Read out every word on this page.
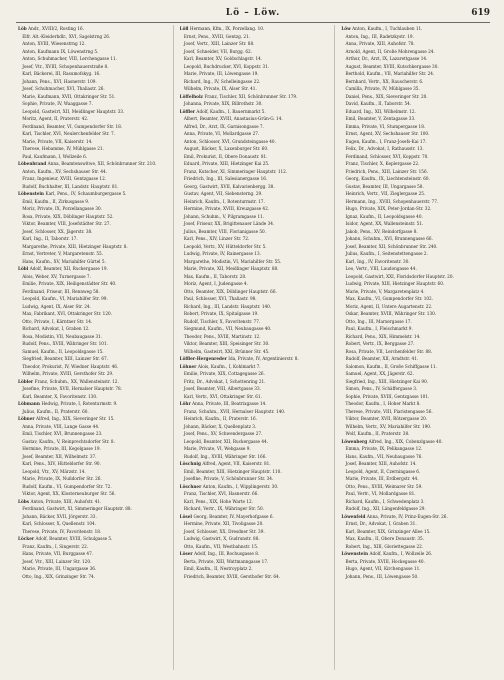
Lö – Löw.	619
Löb Andr., XVIII/2, Rosting 16.
 Elfr. Alt.-Kleiderhdlr., XVI, Sagelstrng 26.
 Anton, XVIII, Wiesenstrng 12.
 Anton, Kaufmann IX, Löwenstrng 5.
 Anton, Schuhmacher, VIII, Lerchengasse 11.
 Josef, Vtr., XVIII, Schopenhauerstraße 8.
 Karl, Bäckerei, III, Rasumofskyg. 16.
 Johann, Pens., XVI, Hasnerstr. 109.
 Josef, Schuhmacher, XVI, Thaliastr. 26.
 Marie, Kaufmann, XVII, Ottakringer Str. 51.
 Sophie, Private, IV, Waaggasse 7.
 Leopold, Gastwirt, XII, Meidlinger Hauptstr. 33.
 Moritz, Agent, II, Praterstr. 42.
 Ferdinand, Beamter, VI, Gumpendorfer Str. 18.
 Karl, Tischler, XVI, Neulerchenfelder Str. 7.
 Marie, Private, VII, Kaiserstr. 14.
 Therese, Hebamme, IV, Mühlgasse 21.
 Paul, Kaufmann, I, Wollzeile 6.
Löbenbrand Anna, Beamtenswitwe, XII, Schönbrunner Str. 210.
 Anton, Kaufm., XV, Sechshauser Str. 44.
 Franz, Ingenieur, XVIII, Gentzgasse 12.
 Rudolf, Buchhalter, III, Landstr. Hauptstr. 81.
Löbenstein Karl, Pens., IV, Schaumburgergasse 5.
 Emil, Kaufm., II, Zirkusgasse 9.
 Moriz, Private, IX, Porzellangasse 30.
 Rosa, Private, XIX, Döblinger Hauptstr. 52.
 Viktor, Beamter, VIII, Josefstädter Str. 27.
 Josef, Schlosser, XX, Jägerstr. 38.
 Karl, Ing., II, Taborstr. 17.
 Margarethe, Private, XIII, Hietzinger Hauptstr. 8.
 Ernst, Vertreter, V, Margaretenstr. 55.
 Hans, Kaufm., XV, Mariahilfer Gürtel 5.
Löbl Adolf, Beamter, XII, Ruckergasse 19.
 Alois, Weber, XV, Turnergasse 7.
 Emilie, Private, XIX, Heiligenstädter Str. 40.
 Ferdinand, Friseur, III, Rennweg 58.
 Leopold, Kaufm., VI, Mariahilfer Str. 99.
 Ludwig, Agent, IX, Alser Str. 24.
 Max, Fabrikant, XVI, Ottakringer Str. 120.
 Otto, Private, I, Kärntner Str. 14.
 Richard, Advokat, I, Graben 12.
 Rosa, Modistin, VII, Neubaugasse 31.
 Rudolf, Pens., XVIII, Währinger Str. 101.
 Samuel, Kaufm., II, Leopoldsgasse 15.
 Siegfried, Beamter, XIII, Lainzer Str. 67.
 Theodor, Prokurist, IV, Wiedner Hauptstr. 46.
 Wilhelm, Private, XVIII, Gersthofer Str. 29.
Löbler Franz, Schuhm., XX, Wallensteinstr. 12.
 Josefine, Private, XVII, Hernalser Hauptstr. 78.
 Karl, Beamter, X, Favoritenstr. 130.
Löbmann Hedwig, Private, I, Rotenturmstr. 9.
 Julius, Kaufm., II, Praterstr. 60.
Löbner Alfred, Ing., XIX, Sieveringer Str. 15.
 Anna, Private, VIII, Lange Gasse 44.
 Emil, Tischler, XVI, Brunnengasse 23.
 Gustav, Kaufm., V, Reinprechtsdorfer Str. 8.
 Hermine, Private, III, Kegelgasse 19.
 Josef, Beamter, XII, Wilhelmstr. 37.
 Karl, Pens., XIV, Hütteldorfer Str. 90.
 Leopold, Vtr., XV, Märzstr. 14.
 Marie, Private, IX, Nußdorfer Str. 26.
 Rudolf, Kaufm., VI, Gumpendorfer Str. 72.
 Viktor, Agent, XX, Klosterneuburger Str. 56.
Löbs Anton, Private, XIII, Auhofstr. 41.
 Ferdinand, Gastwirt, XI, Simmeringer Hauptstr. 88.
 Johann, Bäcker, XVII, Jörgerstr. 33.
 Karl, Schlosser, X, Quellenstr. 104.
 Therese, Private, IV, Favoritenstr. 18.
Löcker Adolf, Beamter, XVIII, Schulgasse 5.
 Franz, Kaufm., I, Singerstr. 22.
 Hans, Private, VII, Burggasse 47.
 Josef, Vtr., XIII, Lainzer Str. 120.
 Marie, Private, III, Ungargasse 36.
 Otto, Ing., XIX, Grinzinger Str. 74.
Löfl Hermann, Kfm., IX, Porzellang. 10.
 Ernst, Pens., XVIII, Gentzg. 21.
 Josef, Vertr., XIII, Lainzer Str. 88.
 Josef, Schneider, VII, Burgg. 62.
 Karl, Beamter, XV, Goldschlagstr. 14.
 Leopold, Buchdrucker, XVI, Koppstr. 31.
 Marie, Private, III, Löwengasse 19.
 Richard, Ing., IV, Schelleingasse 22.
 Wilhelm, Private, IX, Alser Str. 41.
Löffelholz Franz, Tischler, XII, Schönbrunner Str. 179.
 Johanna, Private, XIX, Billrothstr. 30.
Löffler Adolf, Kaufm., I, Bauernmarkt 5.
 Albert, Beamter, XVIII, Anastasius-Grün-G. 14.
 Alfred, Dr., Arzt, IX, Garnisongasse 7.
 Anna, Private, VI, Mollardgasse 27.
 Anton, Schlosser, XVI, Grundsteingasse 40.
 August, Bäcker, X, Laxenburger Str. 60.
 Emil, Prokurist, II, Obere Donaustr. 81.
 Eduard, Private, XIII, Hietzinger Kai 25.
 Franz, Kutscher, XI, Simmeringer Hauptstr. 112.
 Friedrich, Ing., III, Salesianergasse 16.
 Georg, Gastwirt, XVII, Kalvarienbergg. 38.
 Gustav, Agent, VII, Siebensterng. 29.
 Heinrich, Kaufm., I, Rotenturmstr. 17.
 Hermine, Private, XVIII, Kreuzgasse 42.
 Johann, Schuhm., V, Pilgramgasse 11.
 Josef, Friseur, XX, Brigittenauer Lände 34.
 Julius, Beamter, VIII, Florianigasse 50.
 Karl, Pens., XIV, Linzer Str. 72.
 Leopold, Vertr., XV, Hütteldorfer Str. 5.
 Ludwig, Private, IV, Rainergasse 13.
 Margarethe, Modistin, VI, Mariahilfer Str. 55.
 Marie, Private, XII, Meidlinger Hauptstr. 88.
 Max, Kaufm., II, Taborstr. 28.
 Moriz, Agent, I, Judengasse 4.
 Otto, Beamter, XIX, Döblinger Hauptstr. 66.
 Paul, Schlosser, XVI, Thaliastr. 98.
 Richard, Ing., III, Landstr. Hauptstr. 140.
 Robert, Private, IX, Spitalgasse 19.
 Rudolf, Tischler, X, Favoritenstr. 77.
 Siegmund, Kaufm., VII, Neubaugasse 40.
 Theodor, Pens., XVIII, Martinstr. 12.
 Viktor, Beamter, XIII, Speisinger Str. 30.
 Wilhelm, Gastwirt, XXI, Brünner Str. 45.
Löffler-Hergenreder Ida, Private, IV, Argentinierstr. 8.
Löhner Alois, Kaufm., I, Kohlmarkt 7.
 Emilie, Private, XIX, Cottagegasse 26.
 Fritz, Dr., Advokat, I, Schottenring 21.
 Josef, Beamter, VIII, Albertgasse 33.
 Karl, Vertr., XVI, Ottakringer Str. 61.
Löhr Anna, Private, III, Beatrixgasse 14.
 Franz, Schuhm., XVII, Hernalser Hauptstr. 140.
 Heinrich, Kaufm., II, Praterstr. 16.
 Johann, Bäcker, X, Quellenplatz 3.
 Josef, Pens., XV, Schwendergasse 27.
 Leopold, Beamter, XII, Ruckergasse 44.
 Marie, Private, VI, Webgasse 9.
 Rudolf, Ing., XVIII, Währinger Str. 166.
Löschnig Alfred, Agent, VII, Kaiserstr. 81.
 Emil, Beamter, XIII, Hietzinger Hauptstr. 110.
 Josefine, Private, V, Schönbrunner Str. 34.
Löschner Anton, Kaufm., I, Wipplingerstr. 30.
 Franz, Tischler, XVI, Hasnerstr. 66.
 Karl, Pens., XIX, Hohe Warte 12.
 Richard, Vertr., IX, Währinger Str. 50.
Lösel Georg, Beamter, IV, Mayerhofgasse 6.
 Hermine, Private, XII, Tivoligasse 20.
 Josef, Schlosser, XX, Dresdner Str. 39.
 Ludwig, Gastwirt, X, Gudrunstr. 88.
 Otto, Kaufm., VII, Westbahnstr. 15.
Löser Adolf, Ing., III, Rochusgasse 8.
 Berta, Private, XIII, Wattmanngasse 17.
 Emil, Kaufm., II, Nestroyplatz 2.
 Friedrich, Beamter, XVIII, Gersthofer Str. 64.
Löw Anton, Kaufm., I, Tuchlauben 11.
 Anton, Ing., III, Radetzkystr. 19.
 Anna, Private, XIII, Auhofstr. 78.
 Arnold, Agent, II, Große Mohrengasse 24.
 Arthur, Dr., Arzt, IX, Lazarettgasse 14.
 August, Beamter, XVIII, Kutschkergasse 30.
 Berthold, Kaufm., VII, Mariahilfer Str. 24.
 Bernhard, Vertr., XX, Rauscherstr. 6.
 Camilla, Private, IV, Mühlgasse 35.
 Daniel, Pens., XIX, Sieveringer Str. 20.
 David, Kaufm., II, Taborstr. 54.
 Eduard, Ing., XII, Wilhelmstr. 12.
 Emil, Beamter, V, Zentagasse 33.
 Emma, Private, VI, Stumpergasse 18.
 Ernst, Agent, XV, Sechshauser Str. 100.
 Eugen, Kaufm., I, Franz-Josefs-Kai 17.
 Felix, Dr., Advokat, I, Rathausstr. 13.
 Ferdinand, Schlosser, XVI, Koppstr. 70.
 Franz, Tischler, X, Keplergasse 22.
 Friedrich, Pens., XIII, Lainzer Str. 156.
 Georg, Kaufm., IX, Liechtensteinstr. 60.
 Gustav, Beamter, III, Ungargasse 58.
 Heinrich, Vertr., VII, Zieglergasse 25.
 Hermann, Ing., XVIII, Schopenhauerstr. 77.
 Hugo, Private, XIX, Peter-Jordan-Str. 32.
 Ignaz, Kaufm., II, Leopoldsgasse 40.
 Isidor, Agent, XX, Wallensteinstr. 51.
 Jakob, Pens., XV, Reindorfgasse 8.
 Johann, Schuhm., XVI, Brunnengasse 66.
 Josef, Beamter, XII, Schönbrunner Str. 240.
 Julius, Kaufm., I, Seitenstettengasse 2.
 Karl, Ing., IV, Favoritenstr. 30.
 Leo, Vertr., VIII, Laudongasse 44.
 Leopold, Gastwirt, XXI, Floridsdorfer Hauptstr. 20.
 Ludwig, Private, XIII, Hietzinger Hauptstr. 60.
 Marie, Private, V, Margaretenplatz 4.
 Max, Kaufm., VI, Gumpendorfer Str. 102.
 Moriz, Agent, II, Untere Augartenstr. 22.
 Oskar, Beamter, XVIII, Währinger Str. 130.
 Otto, Ing., III, Marxergasse 17.
 Paul, Kaufm., I, Fleischmarkt 9.
 Richard, Pens., XIX, Himmelstr. 14.
 Robert, Vertr., IX, Berggasse 27.
 Rosa, Private, VII, Lerchenfelder Str. 88.
 Rudolf, Beamter, XII, Arndtstr. 41.
 Salomon, Kaufm., II, Große Schiffgasse 11.
 Samuel, Agent, XX, Jägerstr. 62.
 Siegfried, Ing., XIII, Hietzinger Kai 90.
 Simon, Pens., IV, Schäffergasse 3.
 Sophie, Private, XVIII, Gentzgasse 101.
 Theodor, Kaufm., I, Hoher Markt 8.
 Therese, Private, VIII, Piaristengasse 56.
 Viktor, Beamter, XVII, Rötzergasse 20.
 Wilhelm, Vertr., XV, Mariahilfer Str. 190.
 Wolf, Kaufm., II, Praterstr. 38.
Löwenberg Alfred, Ing., XIX, Cobenzlgasse 40.
 Emma, Private, IX, Pelikangasse 12.
 Hans, Kaufm., VII, Neubaugasse 76.
 Josef, Beamter, XIII, Auhofstr. 14.
 Leopold, Agent, II, Czerningasse 6.
 Marie, Private, III, Erdbergstr. 44.
 Otto, Pens., XVIII, Weimarer Str. 59.
 Paul, Vertr., VI, Mollardgasse 81.
 Richard, Kaufm., I, Schwedenplatz 3.
 Rudolf, Ing., XII, Längenfeldgasse 29.
Löwenfeld Anna, Private, IV, Prinz-Eugen-Str. 26.
 Ernst, Dr., Advokat, I, Graben 31.
 Karl, Beamter, XIX, Grinzinger Allee 15.
 Max, Kaufm., II, Obere Donaustr. 35.
 Robert, Ing., XIII, Gloriettegasse 22.
Löwenstein Adolf, Kaufm., I, Wollzeile 26.
 Berta, Private, XVIII, Hockegasse 40.
 Hugo, Agent, VII, Kirchengasse 11.
 Johann, Pens., III, Löwengasse 50.
